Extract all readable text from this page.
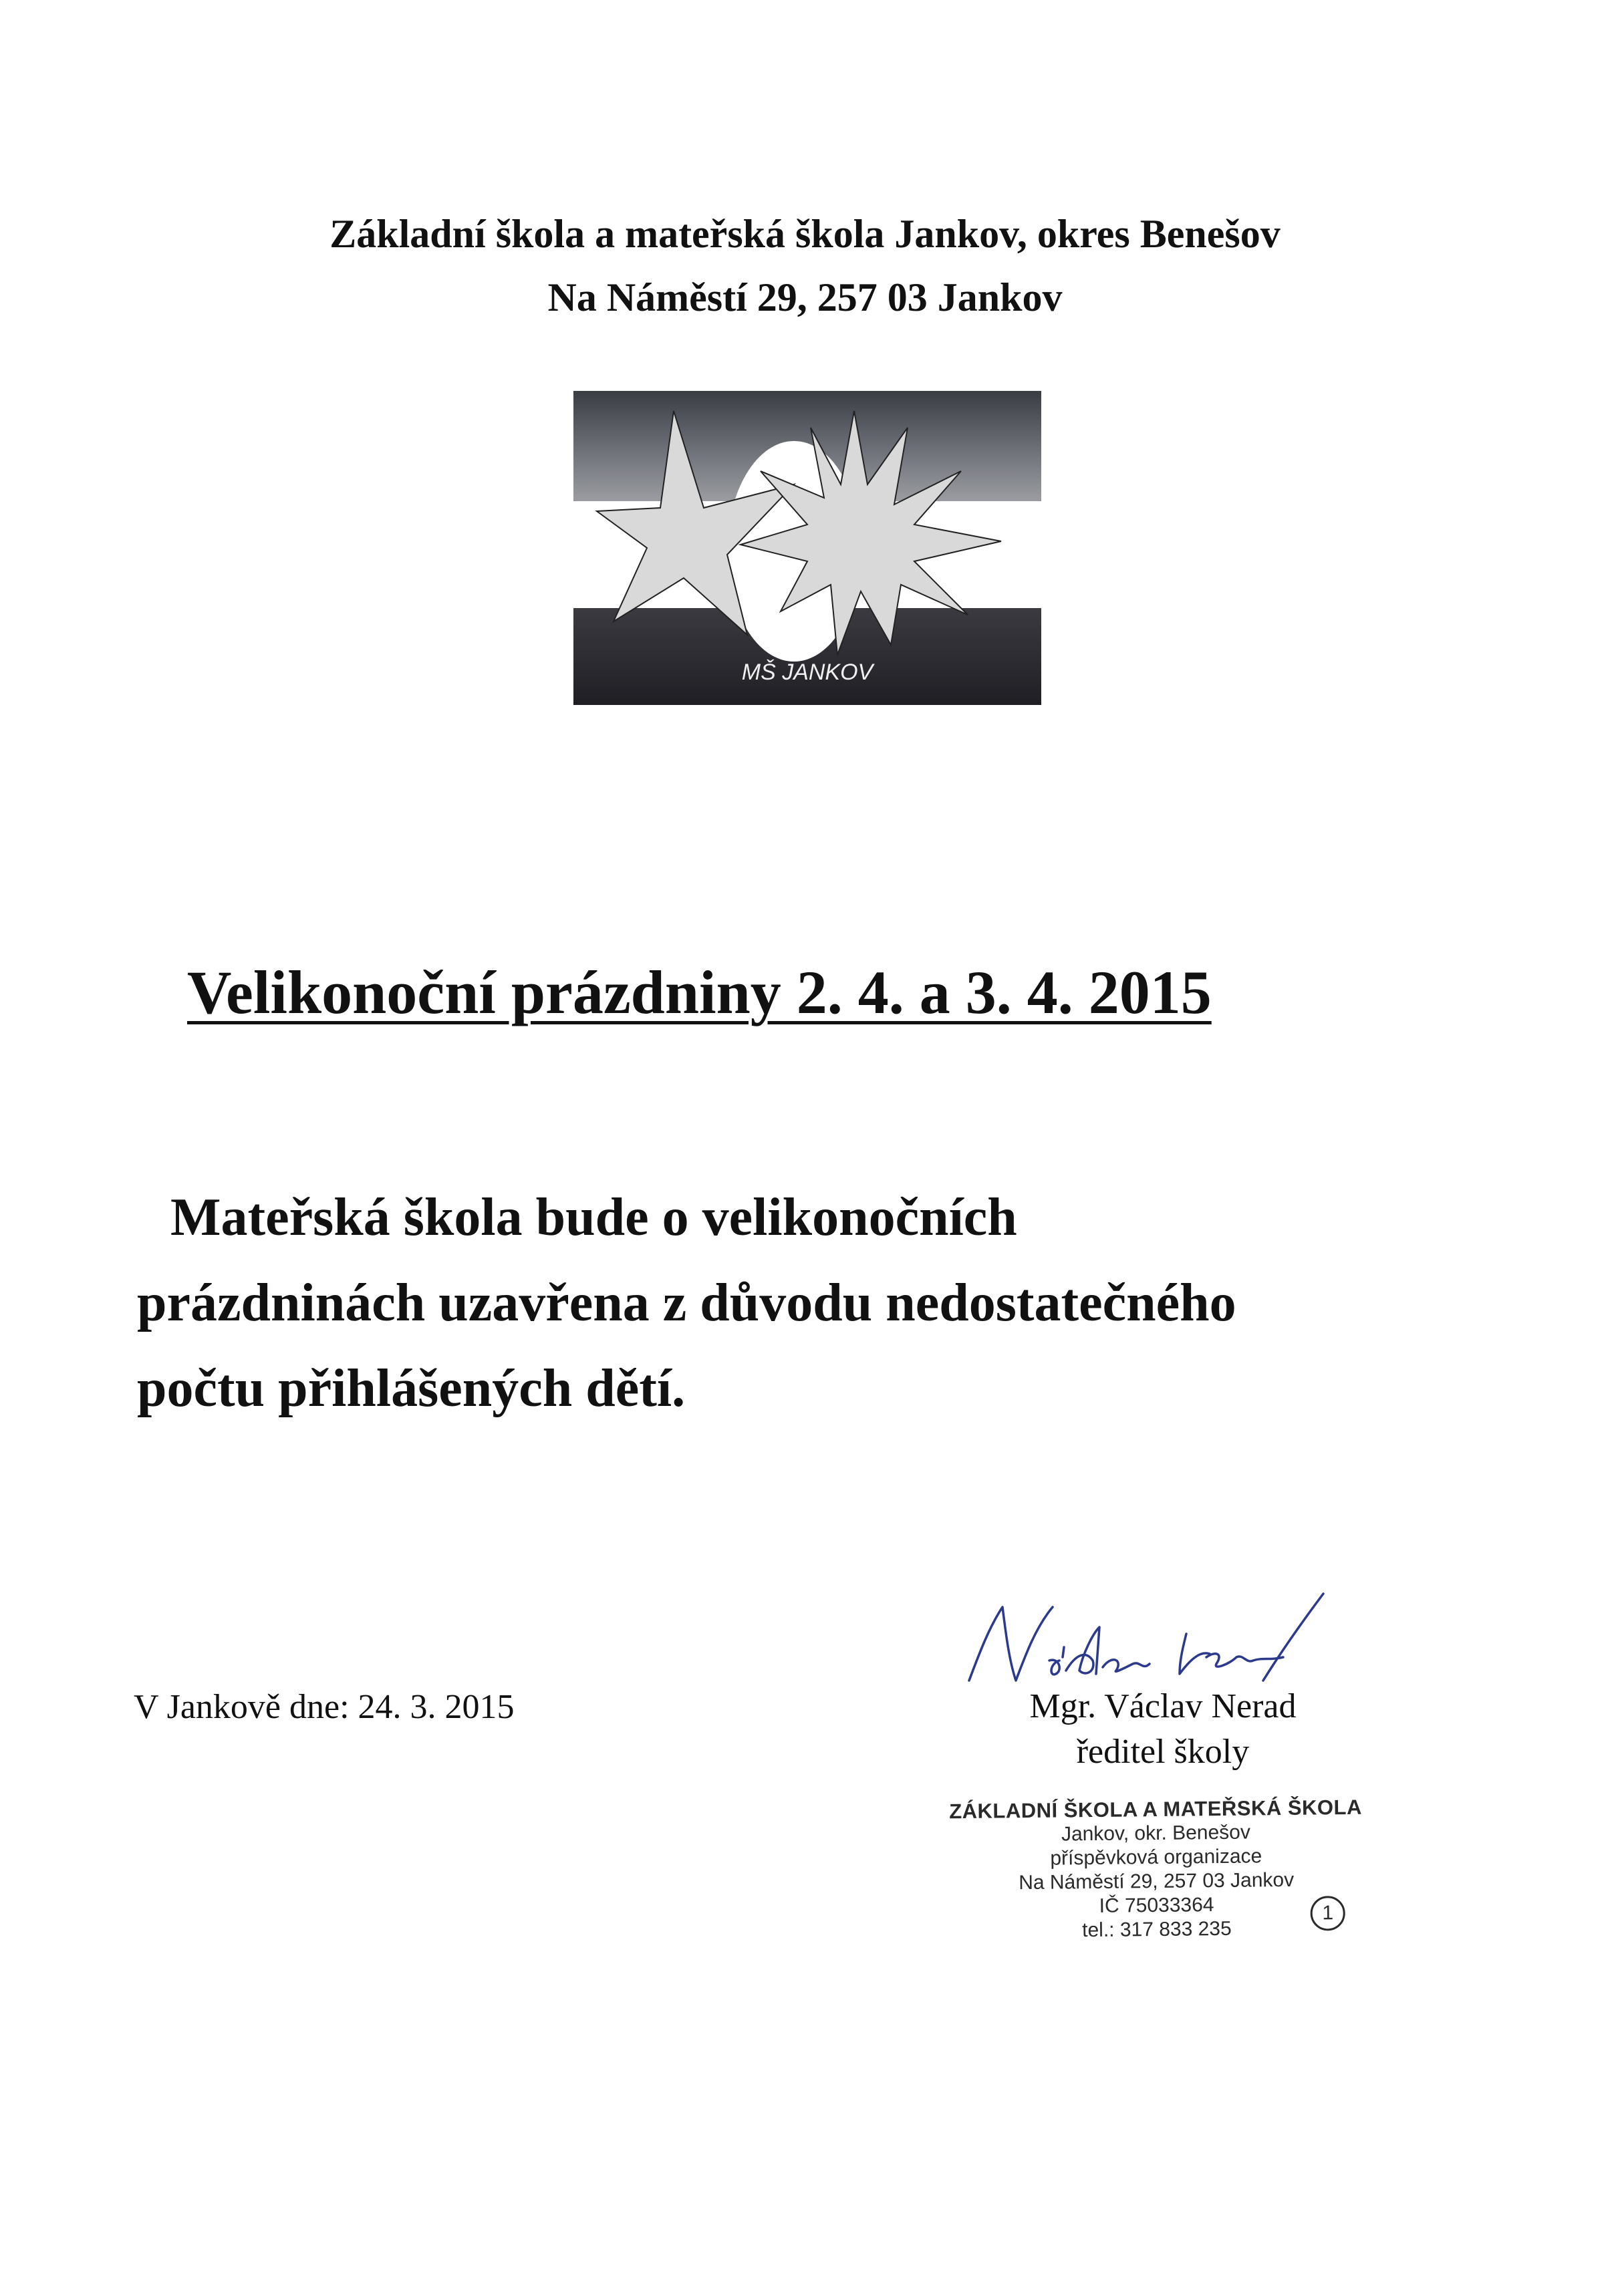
Základní škola a mateřská škola Jankov, okres Benešov
Na Náměstí 29, 257 03 Jankov
MŠ JANKOV
Velikonoční prázdniny 2. 4. a 3. 4. 2015
Mateřská škola bude o velikonočních
prázdninách uzavřena z důvodu nedostatečného
počtu přihlášených dětí.
V Jankově dne: 24. 3. 2015	Mgr. Václav Nerad
ředitel školy
ZÁKLADNÍ ŠKOLA A MATEŘSKÁ ŠKOLA
Jankov, okr. Benešov
příspěvková organizace
Na Náměstí 29, 257 03 Jankov
IČ 75033364
tel.: 317 833 235
1
